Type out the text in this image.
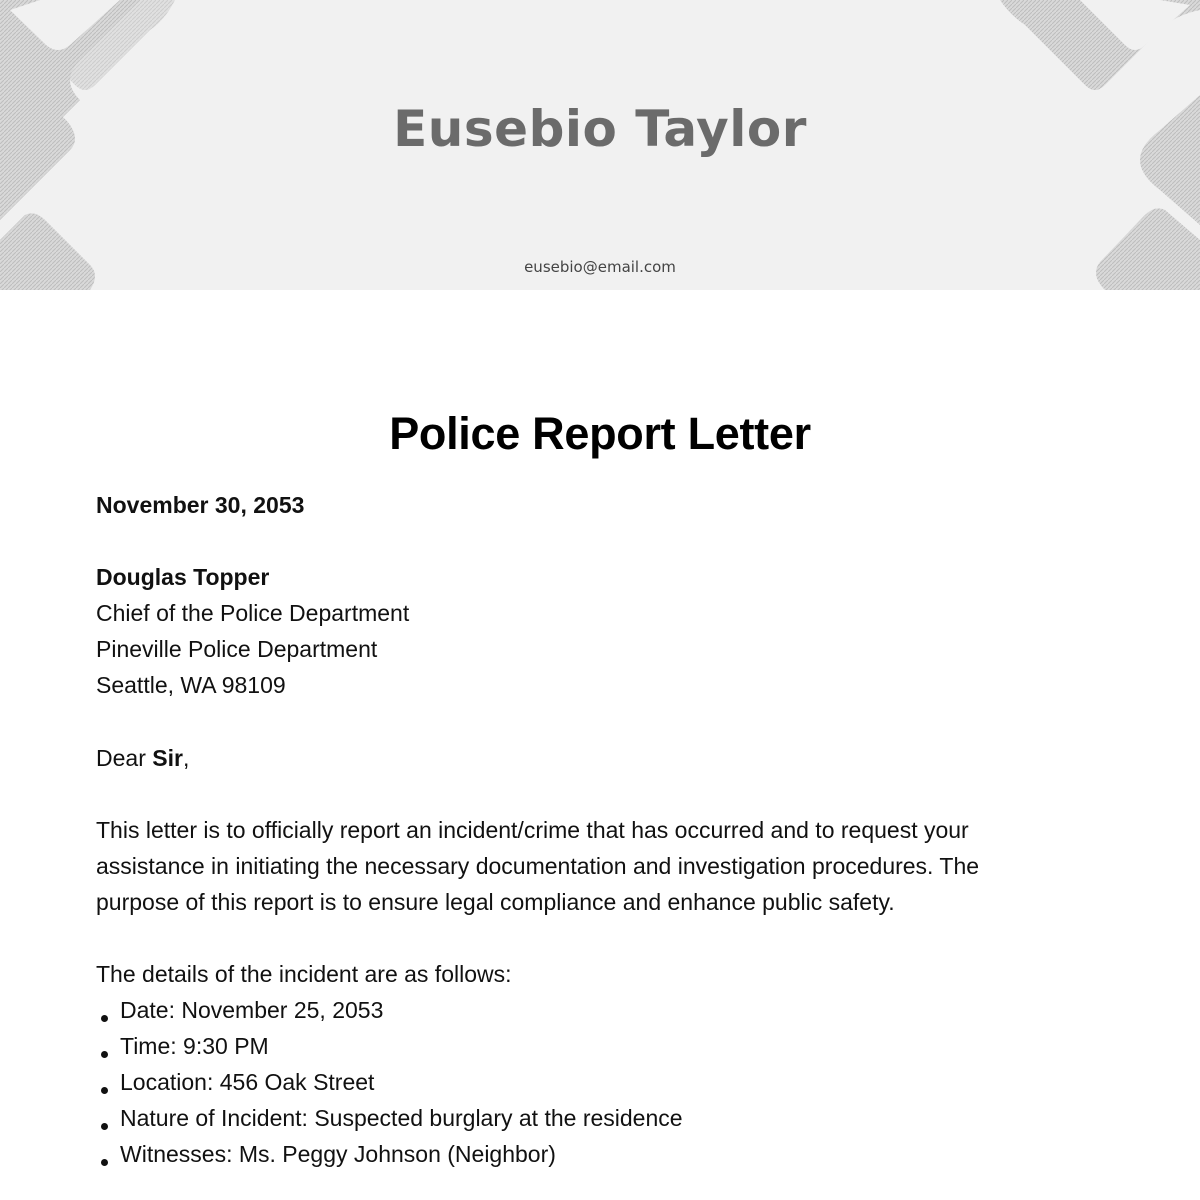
Eusebio Taylor
eusebio@email.com
Police Report Letter
November 30, 2053
Douglas Topper
Chief of the Police Department
Pineville Police Department
Seattle, WA 98109
Dear Sir,
This letter is to officially report an incident/crime that has occurred and to request your
assistance in initiating the necessary documentation and investigation procedures. The
purpose of this report is to ensure legal compliance and enhance public safety.
The details of the incident are as follows:
Date: November 25, 2053
Time: 9:30 PM
Location: 456 Oak Street
Nature of Incident: Suspected burglary at the residence
Witnesses: Ms. Peggy Johnson (Neighbor)
